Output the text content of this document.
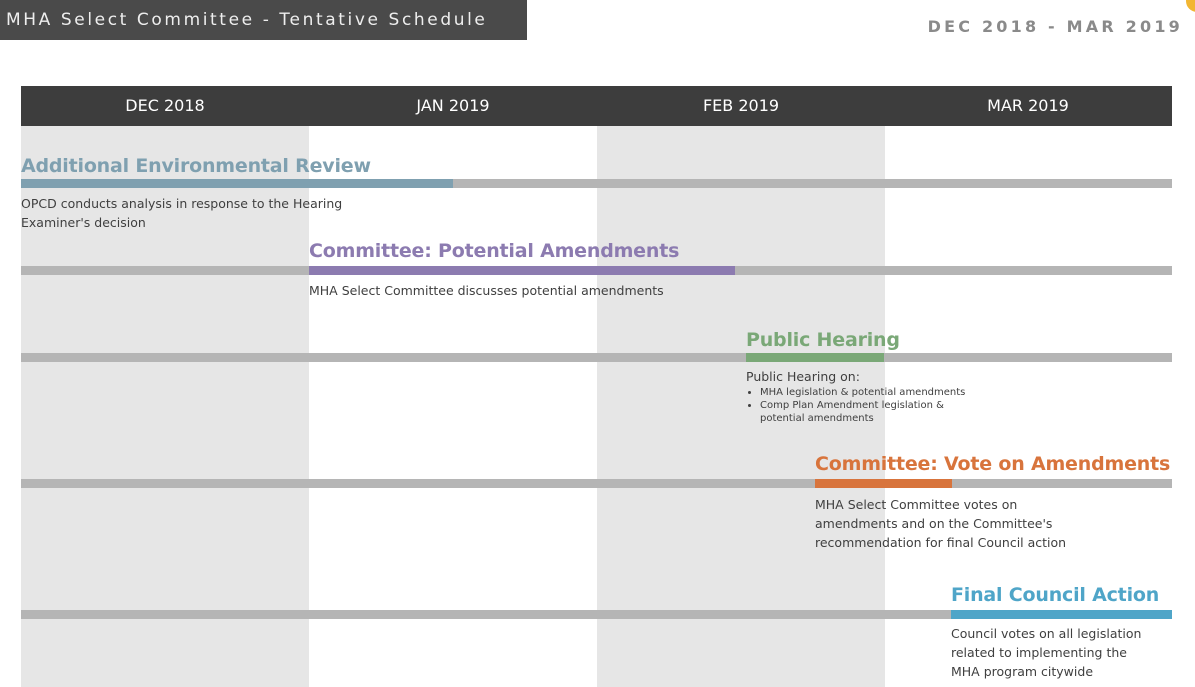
MHA Select Committee - Tentative Schedule	DEC 2018 - MAR 2019
DEC 2018	JAN 2019	FEB 2019	MAR 2019
Additional Environmental Review
OPCD conducts analysis in response to the Hearing
Examiner's decision
Committee: Potential Amendments
MHA Select Committee discusses potential amendments
Public Hearing
Public Hearing on:
• MHA legislation & potential amendments
• Comp Plan Amendment legislation & potential amendments
Committee: Vote on Amendments
MHA Select Committee votes on
amendments and on the Committee's
recommendation for final Council action
Final Council Action
Council votes on all legislation
related to implementing the
MHA program citywide
